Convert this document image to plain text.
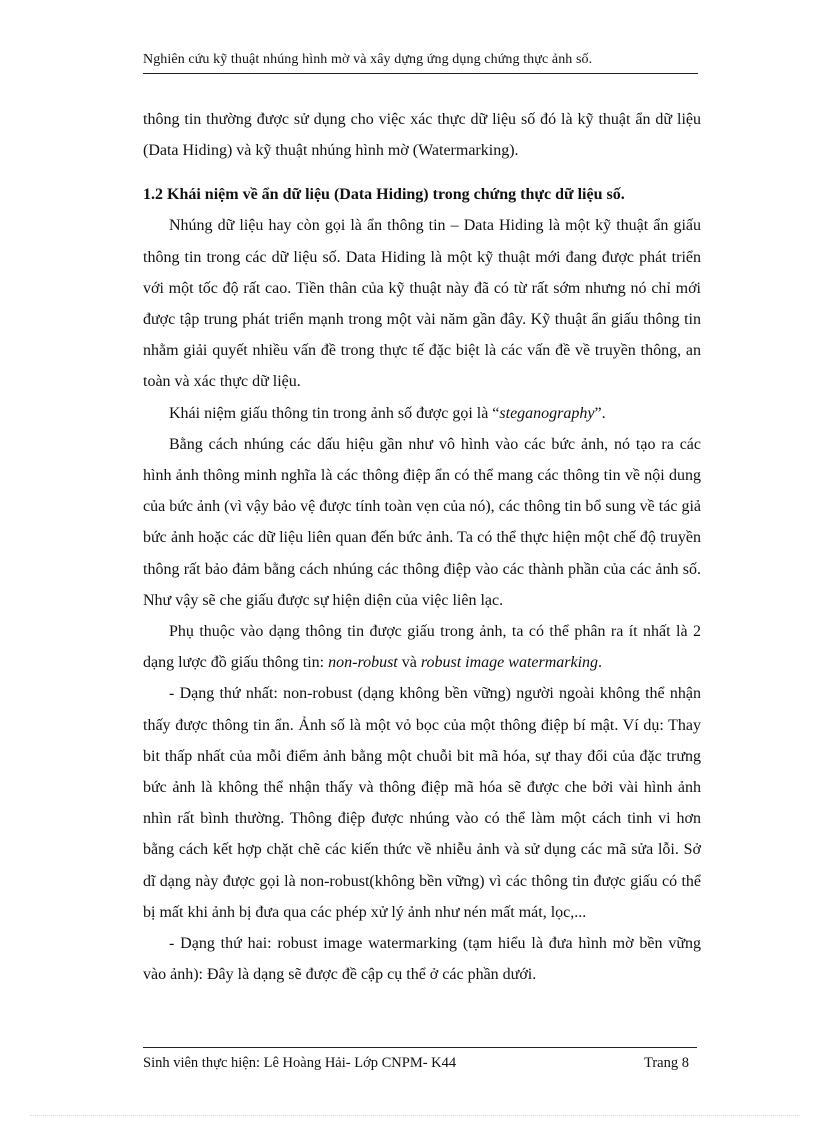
Nghiên cứu kỹ thuật nhúng hình mờ và xây dựng ứng dụng chứng thực ảnh số.

thông tin thường được sử dụng cho việc xác thực dữ liệu số đó là kỹ thuật ẩn dữ liệu (Data Hiding) và kỹ thuật nhúng hình mờ (Watermarking).

1.2 Khái niệm về ẩn dữ liệu (Data Hiding) trong chứng thực dữ liệu số.

Nhúng dữ liệu hay còn gọi là ẩn thông tin – Data Hiding là một kỹ thuật ẩn giấu thông tin trong các dữ liệu số. Data Hiding là một kỹ thuật mới đang được phát triển với một tốc độ rất cao. Tiền thân của kỹ thuật này đã có từ rất sớm nhưng nó chỉ mới được tập trung phát triển mạnh trong một vài năm gần đây. Kỹ thuật ẩn giấu thông tin nhằm giải quyết nhiều vấn đề trong thực tế đặc biệt là các vấn đề về truyền thông, an toàn và xác thực dữ liệu.

Khái niệm giấu thông tin trong ảnh số được gọi là “steganography”.

Bằng cách nhúng các dấu hiệu gần như vô hình vào các bức ảnh, nó tạo ra các hình ảnh thông minh nghĩa là các thông điệp ẩn có thể mang các thông tin về nội dung của bức ảnh (vì vậy bảo vệ được tính toàn vẹn của nó), các thông tin bổ sung về tác giả bức ảnh hoặc các dữ liệu liên quan đến bức ảnh. Ta có thể thực hiện một chế độ truyền thông rất bảo đảm bằng cách nhúng các thông điệp vào các thành phần của các ảnh số. Như vậy sẽ che giấu được sự hiện diện của việc liên lạc.

Phụ thuộc vào dạng thông tin được giấu trong ảnh, ta có thể phân ra ít nhất là 2 dạng lược đồ giấu thông tin: non-robust và robust image watermarking.

- Dạng thứ nhất: non-robust (dạng không bền vững) người ngoài không thể nhận thấy được thông tin ẩn. Ảnh số là một vỏ bọc của một thông điệp bí mật. Ví dụ: Thay bit thấp nhất của mỗi điểm ảnh bằng một chuỗi bit mã hóa, sự thay đổi của đặc trưng bức ảnh là không thể nhận thấy và thông điệp mã hóa sẽ được che bởi vài hình ảnh nhìn rất bình thường. Thông điệp được nhúng vào có thể làm một cách tinh vi hơn bằng cách kết hợp chặt chẽ các kiến thức về nhiễu ảnh và sử dụng các mã sửa lỗi. Sở dĩ dạng này được gọi là non-robust(không bền vững) vì các thông tin được giấu có thể bị mất khi ảnh bị đưa qua các phép xử lý ảnh như nén mất mát, lọc,...

- Dạng thứ hai: robust image watermarking (tạm hiểu là đưa hình mờ bền vững vào ảnh): Đây là dạng sẽ được đề cập cụ thể ở các phần dưới.

Sinh viên thực hiện: Lê Hoàng Hải- Lớp CNPM- K44	Trang 8
